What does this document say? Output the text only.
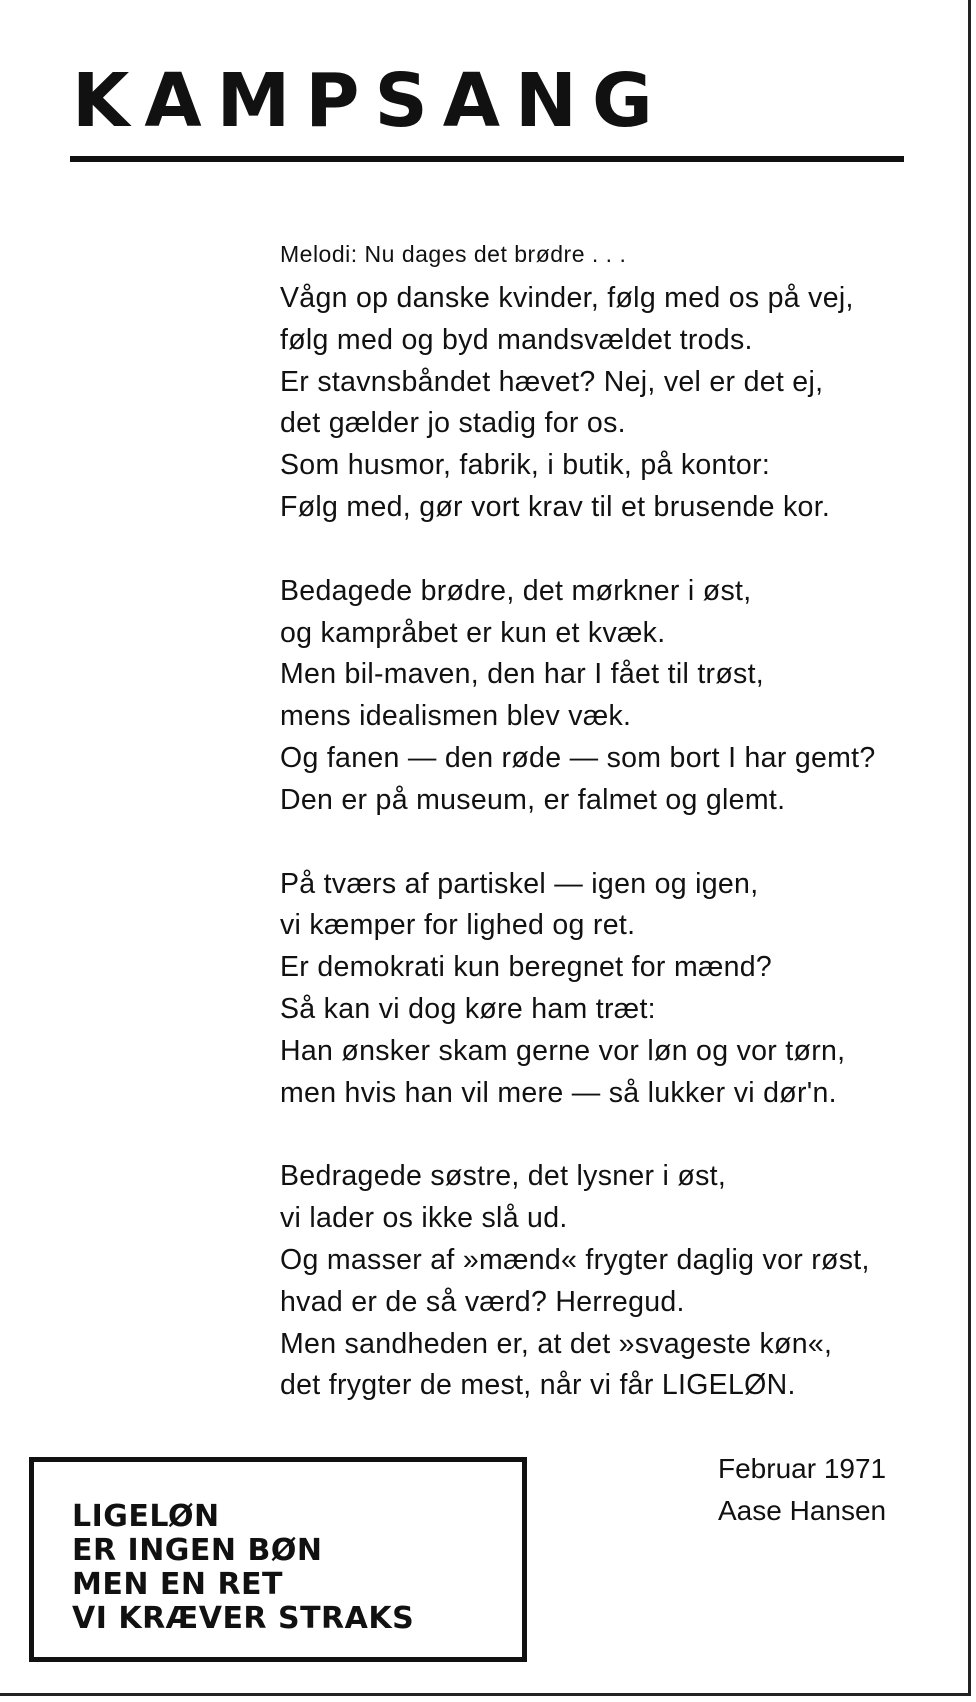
KAMPSANG
Melodi: Nu dages det brødre . . .
Vågn op danske kvinder, følg med os på vej,
følg med og byd mandsvældet trods.
Er stavnsbåndet hævet? Nej, vel er det ej,
det gælder jo stadig for os.
Som husmor, fabrik, i butik, på kontor:
Følg med, gør vort krav til et brusende kor.
Bedagede brødre, det mørkner i øst,
og kampråbet er kun et kvæk.
Men bil-maven, den har I fået til trøst,
mens idealismen blev væk.
Og fanen — den røde — som bort I har gemt?
Den er på museum, er falmet og glemt.
På tværs af partiskel — igen og igen,
vi kæmper for lighed og ret.
Er demokrati kun beregnet for mænd?
Så kan vi dog køre ham træt:
Han ønsker skam gerne vor løn og vor tørn,
men hvis han vil mere — så lukker vi dør'n.
Bedragede søstre, det lysner i øst,
vi lader os ikke slå ud.
Og masser af »mænd« frygter daglig vor røst,
hvad er de så værd? Herregud.
Men sandheden er, at det »svageste køn«,
det frygter de mest, når vi får LIGELØN.
Februar 1971
Aase Hansen
LIGELØN
ER INGEN BØN
MEN EN RET
VI KRÆVER STRAKS
